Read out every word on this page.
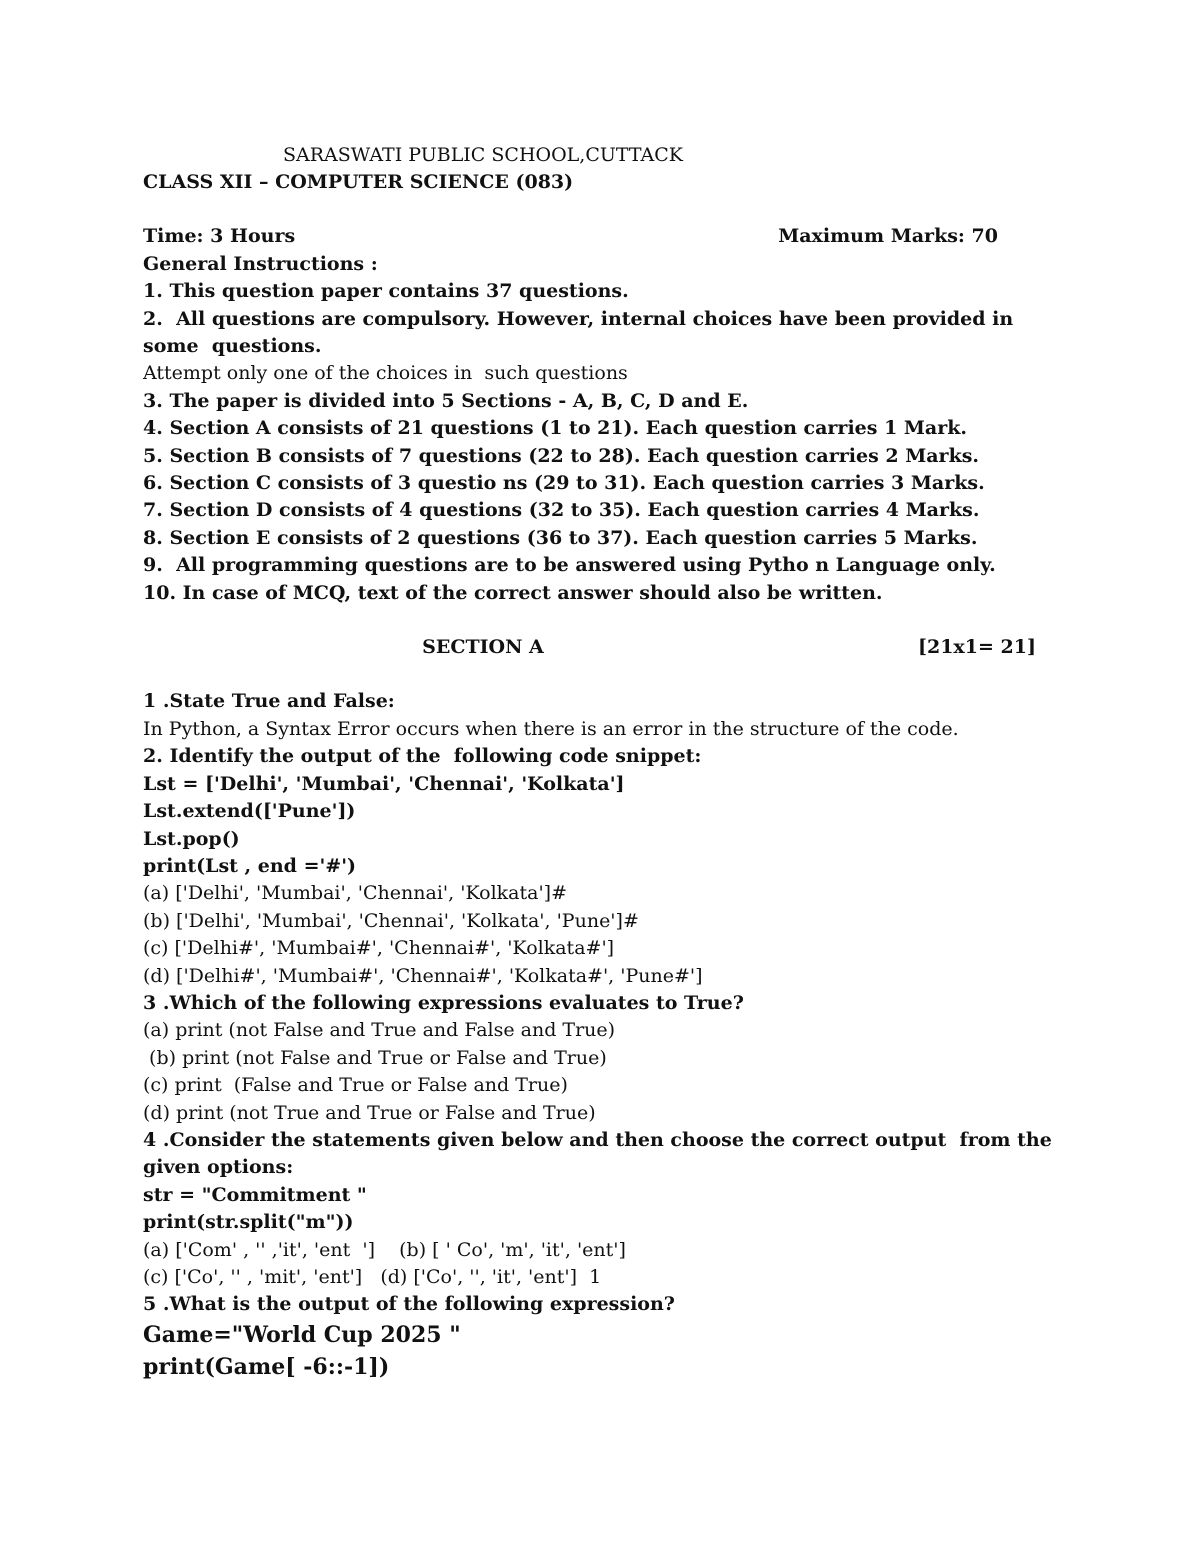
SARASWATI PUBLIC SCHOOL,CUTTACK
CLASS XII – COMPUTER SCIENCE (083)
Time: 3 Hours	Maximum Marks: 70
General Instructions :
1. This question paper contains 37 questions.
2.  All questions are compulsory. However, internal choices have been provided in
some  questions.
Attempt only one of the choices in  such questions
3. The paper is divided into 5 Sections - A, B, C, D and E.
4. Section A consists of 21 questions (1 to 21). Each question carries 1 Mark.
5. Section B consists of 7 questions (22 to 28). Each question carries 2 Marks.
6. Section C consists of 3 questio ns (29 to 31). Each question carries 3 Marks.
7. Section D consists of 4 questions (32 to 35). Each question carries 4 Marks.
8. Section E consists of 2 questions (36 to 37). Each question carries 5 Marks.
9.  All programming questions are to be answered using Pytho n Language only.
10. In case of MCQ, text of the correct answer should also be written.
SECTION A	[21x1= 21]
1 .State True and False:
In Python, a Syntax Error occurs when there is an error in the structure of the code.
2. Identify the output of the  following code snippet:
Lst = ['Delhi', 'Mumbai', 'Chennai', 'Kolkata']
Lst.extend(['Pune'])
Lst.pop()
print(Lst , end ='#')
(a) ['Delhi', 'Mumbai', 'Chennai', 'Kolkata']#
(b) ['Delhi', 'Mumbai', 'Chennai', 'Kolkata', 'Pune']#
(c) ['Delhi#', 'Mumbai#', 'Chennai#', 'Kolkata#']
(d) ['Delhi#', 'Mumbai#', 'Chennai#', 'Kolkata#', 'Pune#']
3 .Which of the following expressions evaluates to True?
(a) print (not False and True and False and True)
(b) print (not False and True or False and True)
(c) print  (False and True or False and True)
(d) print (not True and True or False and True)
4 .Consider the statements given below and then choose the correct output  from the
given options:
str = "Commitment "
print(str.split("m"))
(a) ['Com' , '' ,'it', 'ent  ']    (b) [ ' Co', 'm', 'it', 'ent']
(c) ['Co', '' , 'mit', 'ent']   (d) ['Co', '', 'it', 'ent']  1
5 .What is the output of the following expression?
Game="World Cup 2025 "
print(Game[ -6::-1])
